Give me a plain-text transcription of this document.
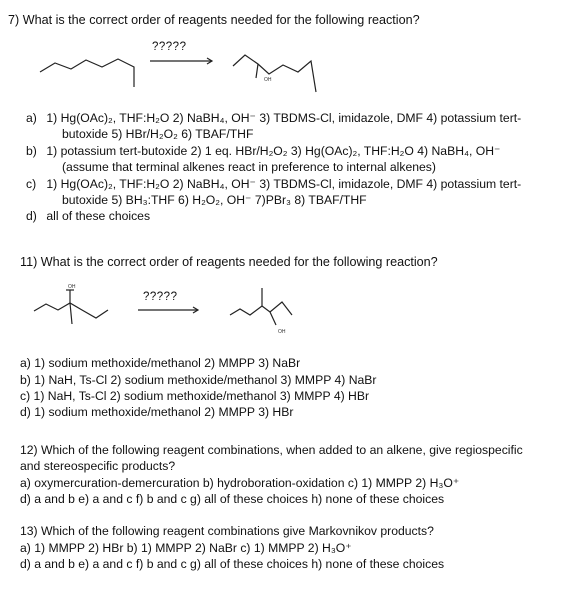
7) What is the correct order of reagents needed for the following reaction?
OH
?????
a) 1) Hg(OAc)₂, THF:H₂O 2) NaBH₄, OH⁻ 3) TBDMS-Cl, imidazole, DMF 4) potassium tert-
butoxide 5) HBr/H₂O₂ 6) TBAF/THF
b) 1) potassium tert-butoxide 2) 1 eq. HBr/H₂O₂ 3) Hg(OAc)₂, THF:H₂O 4) NaBH₄, OH⁻
(assume that terminal alkenes react in preference to internal alkenes)
c) 1) Hg(OAc)₂, THF:H₂O 2) NaBH₄, OH⁻ 3) TBDMS-Cl, imidazole, DMF 4) potassium tert-
butoxide 5) BH₃:THF 6) H₂O₂, OH⁻ 7)PBr₃ 8) TBAF/THF
d) all of these choices
11) What is the correct order of reagents needed for the following reaction?
OH
OH
?????
a) 1) sodium methoxide/methanol 2) MMPP 3) NaBr
b) 1) NaH, Ts-Cl 2) sodium methoxide/methanol 3) MMPP 4) NaBr
c) 1) NaH, Ts-Cl 2) sodium methoxide/methanol 3) MMPP 4) HBr
d) 1) sodium methoxide/methanol 2) MMPP 3) HBr
12) Which of the following reagent combinations, when added to an alkene, give regiospecific
and stereospecific products?
a) oxymercuration-demercuration b) hydroboration-oxidation c) 1) MMPP 2) H₃O⁺
d) a and b e) a and c f) b and c g) all of these choices h) none of these choices
13) Which of the following reagent combinations give Markovnikov products?
a) 1) MMPP 2) HBr b) 1) MMPP 2) NaBr c) 1) MMPP 2) H₃O⁺
d) a and b e) a and c f) b and c g) all of these choices h) none of these choices
